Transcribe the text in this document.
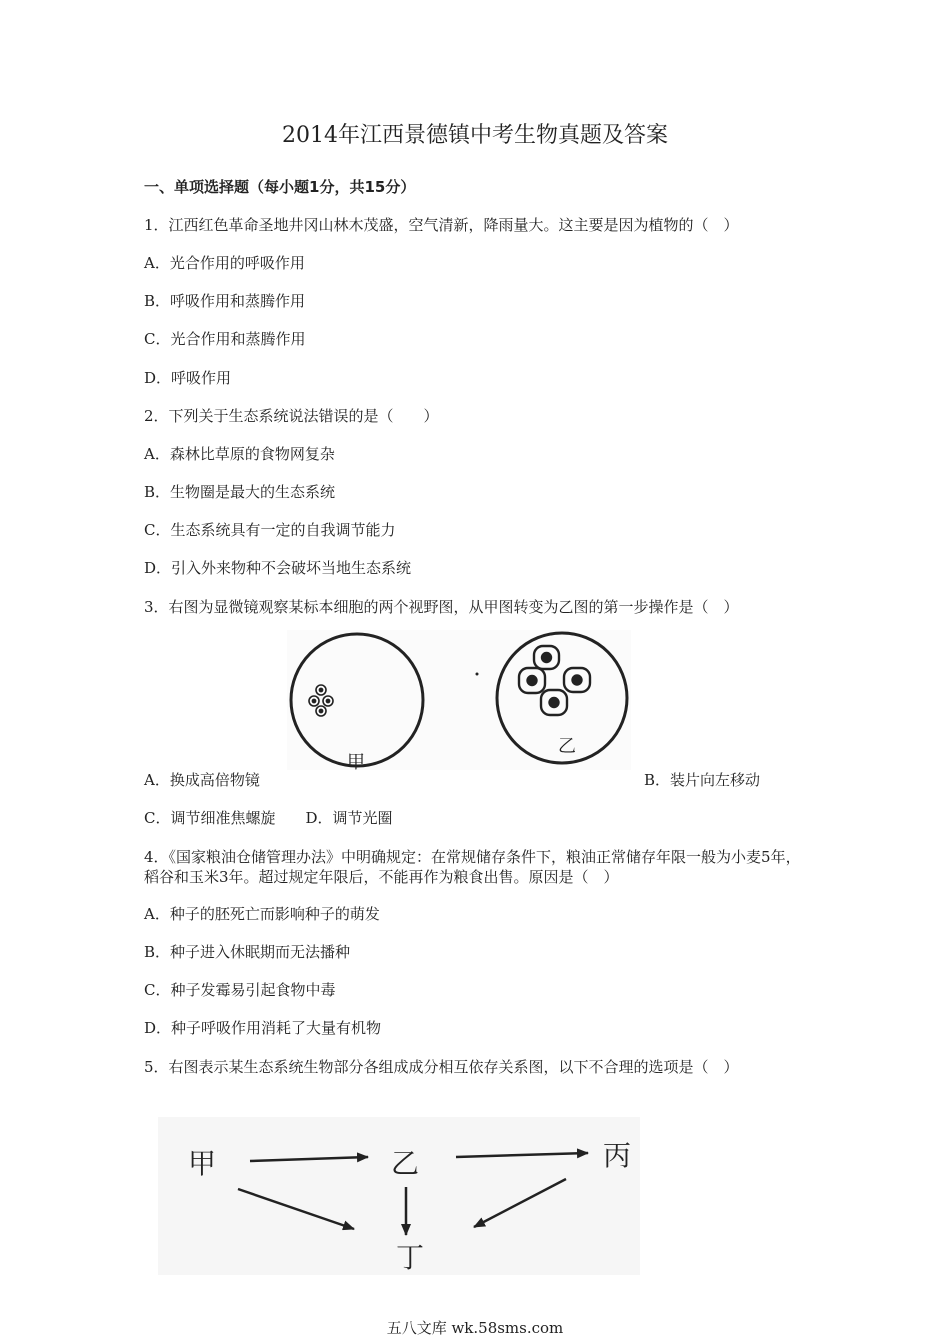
2014年江西景德镇中考生物真题及答案
一、单项选择题（每小题1分，共15分）
1．江西红色革命圣地井冈山林木茂盛，空气清新，降雨量大。这主要是因为植物的（　）
A．光合作用的呼吸作用
B．呼吸作用和蒸腾作用
C．光合作用和蒸腾作用
D．呼吸作用
2．下列关于生态系统说法错误的是（　　）
A．森林比草原的食物网复杂
B．生物圈是最大的生态系统
C．生态系统具有一定的自我调节能力
D．引入外来物种不会破坏当地生态系统
3．右图为显微镜观察某标本细胞的两个视野图，从甲图转变为乙图的第一步操作是（　）
甲
乙
A．换成高倍物镜	B．装片向左移动
C．调节细准焦螺旋　　D．调节光圈
4．《国家粮油仓储管理办法》中明确规定：在常规储存条件下，粮油正常储存年限一般为小麦5年，稻谷和玉米3年。超过规定年限后，不能再作为粮食出售。原因是（　）
A．种子的胚死亡而影响种子的萌发
B．种子进入休眠期而无法播种
C．种子发霉易引起食物中毒
D．种子呼吸作用消耗了大量有机物
5．右图表示某生态系统生物部分各组成成分相互依存关系图，以下不合理的选项是（　）
甲	乙	丙
丁
五八文库 wk.58sms.com
